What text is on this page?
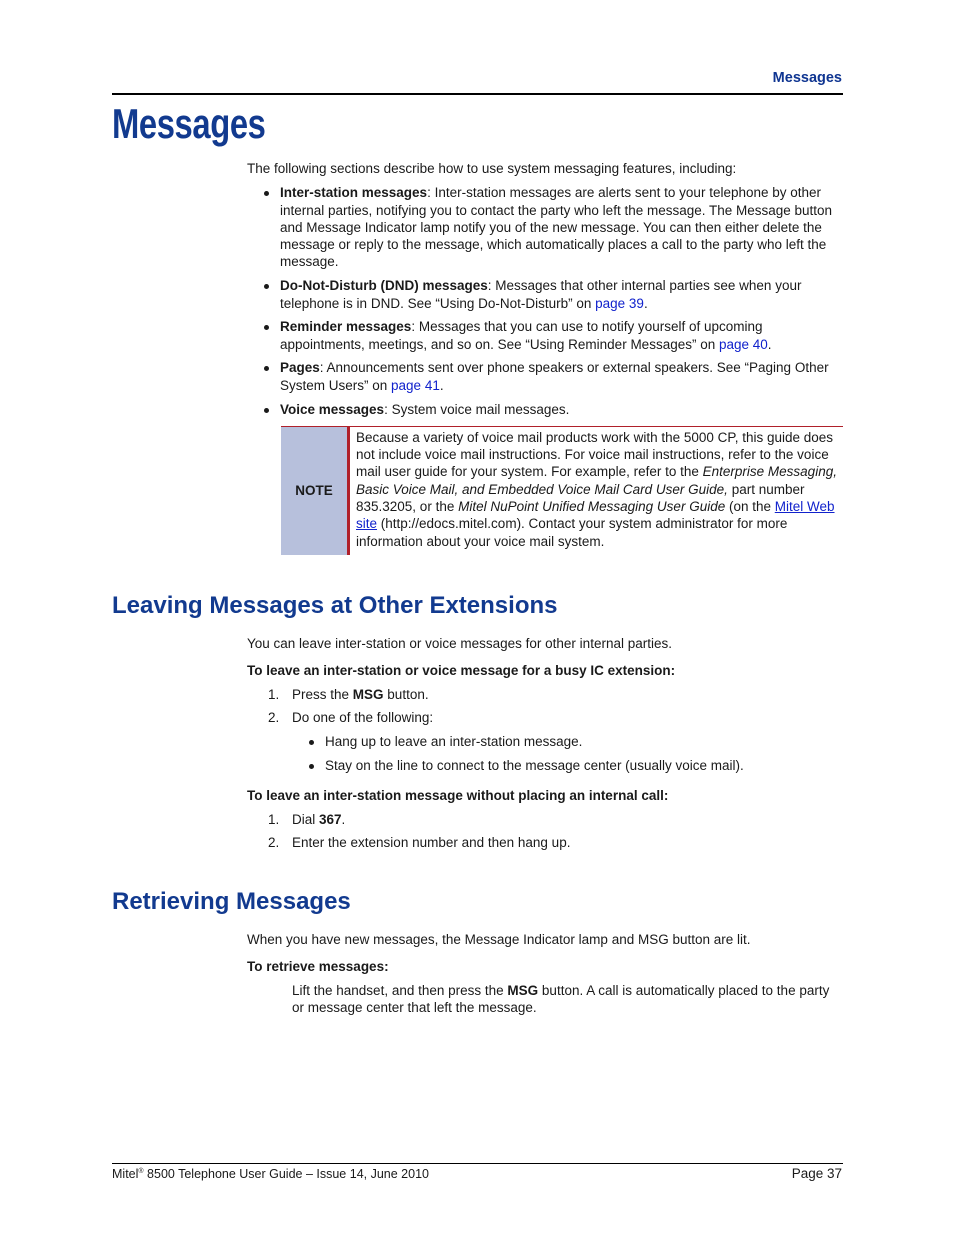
Messages
Messages

The following sections describe how to use system messaging features, including:

Inter-station messages: Inter-station messages are alerts sent to your telephone by other internal parties, notifying you to contact the party who left the message. The Message button and Message Indicator lamp notify you of the new message. You can then either delete the message or reply to the message, which automatically places a call to the party who left the message.
Do-Not-Disturb (DND) messages: Messages that other internal parties see when your telephone is in DND. See “Using Do-Not-Disturb” on page 39.
Reminder messages: Messages that you can use to notify yourself of upcoming appointments, meetings, and so on. See “Using Reminder Messages” on page 40.
Pages: Announcements sent over phone speakers or external speakers. See “Paging Other System Users” on page 41.
Voice messages: System voice mail messages.
NOTE
Because a variety of voice mail products work with the 5000 CP, this guide does not include voice mail instructions. For voice mail instructions, refer to the voice mail user guide for your system. For example, refer to the Enterprise Messaging, Basic Voice Mail, and Embedded Voice Mail Card User Guide, part number 835.3205, or the Mitel NuPoint Unified Messaging User Guide (on the Mitel Web site (http://edocs.mitel.com). Contact your system administrator for more information about your voice mail system.
Leaving Messages at Other Extensions

You can leave inter-station or voice messages for other internal parties.

To leave an inter-station or voice message for a busy IC extension:

1. Press the MSG button.
2. Do one of the following:
Hang up to leave an inter-station message.
Stay on the line to connect to the message center (usually voice mail).

To leave an inter-station message without placing an internal call:

1. Dial 367.
2. Enter the extension number and then hang up.
Retrieving Messages

When you have new messages, the Message Indicator lamp and MSG button are lit.

To retrieve messages:

Lift the handset, and then press the MSG button. A call is automatically placed to the party or message center that left the message.

Mitel® 8500 Telephone User Guide – Issue 14, June 2010	Page 37
